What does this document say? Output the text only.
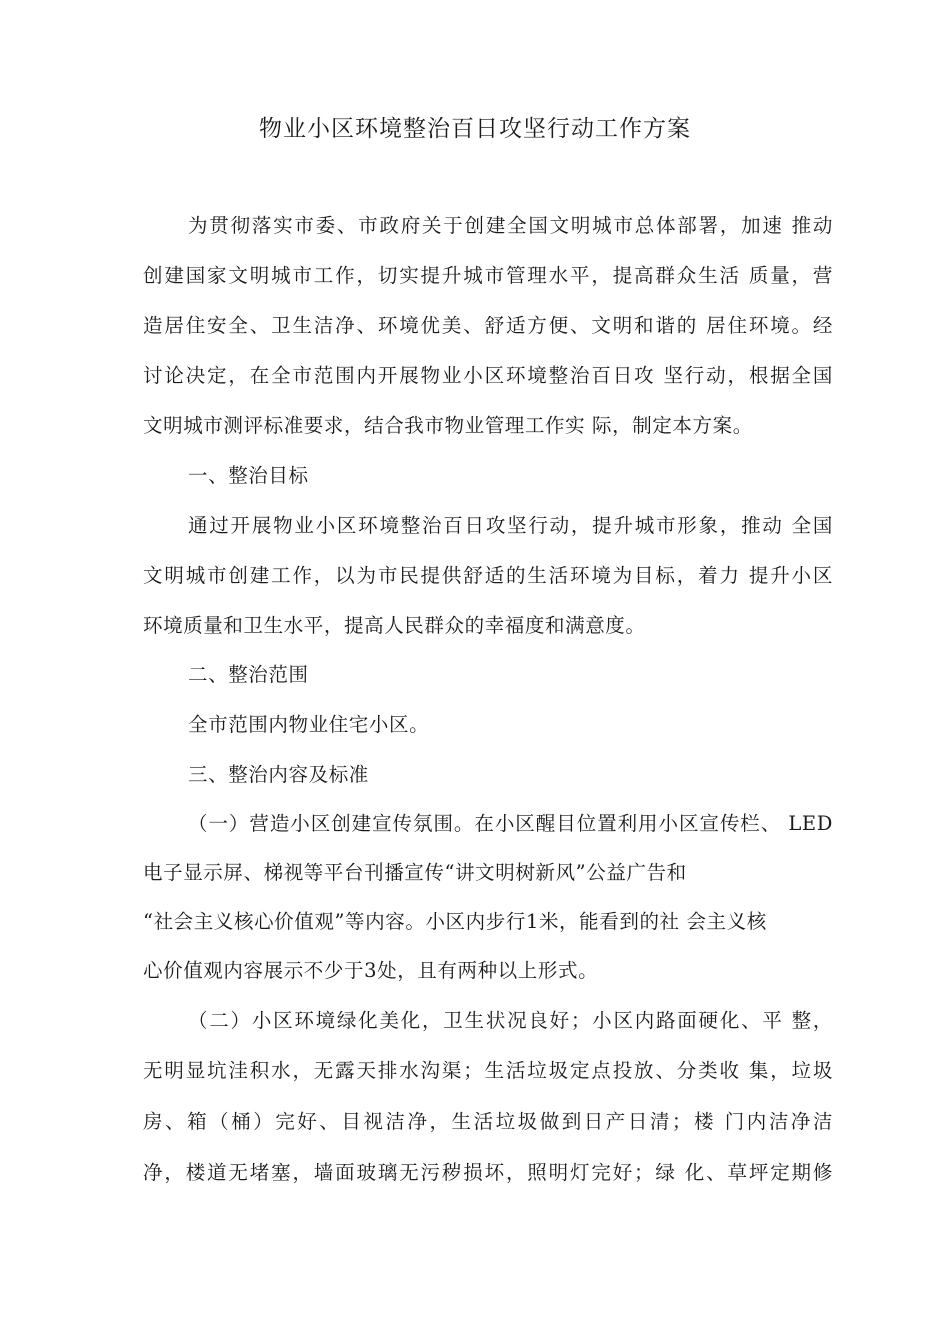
物业小区环境整治百日攻坚行动工作方案
为贯彻落实市委、市政府关于创建全国文明城市总体部署，加速 推动
创建国家文明城市工作，切实提升城市管理水平，提高群众生活 质量，营
造居住安全、卫生洁净、环境优美、舒适方便、文明和谐的 居住环境。经
讨论决定，在全市范围内开展物业小区环境整治百日攻 坚行动，根据全国
文明城市测评标准要求，结合我市物业管理工作实 际，制定本方案。
一、整治目标
通过开展物业小区环境整治百日攻坚行动，提升城市形象，推动 全国
文明城市创建工作，以为市民提供舒适的生活环境为目标，着力 提升小区
环境质量和卫生水平，提高人民群众的幸福度和满意度。
二、整治范围
全市范围内物业住宅小区。
三、整治内容及标准
（一）营造小区创建宣传氛围。在小区醒目位置利用小区宣传栏、 LED
电子显示屏、梯视等平台刊播宣传“讲文明树新风”公益广告和
“社会主义核心价值观”等内容。小区内步行1米，能看到的社 会主义核
心价值观内容展示不少于3处，且有两种以上形式。
（二）小区环境绿化美化，卫生状况良好；小区内路面硬化、平 整，
无明显坑洼积水，无露天排水沟渠；生活垃圾定点投放、分类收 集，垃圾
房、箱（桶）完好、目视洁净，生活垃圾做到日产日清；楼 门内洁净洁
净，楼道无堵塞，墙面玻璃无污秽损坏，照明灯完好；绿 化、草坪定期修
